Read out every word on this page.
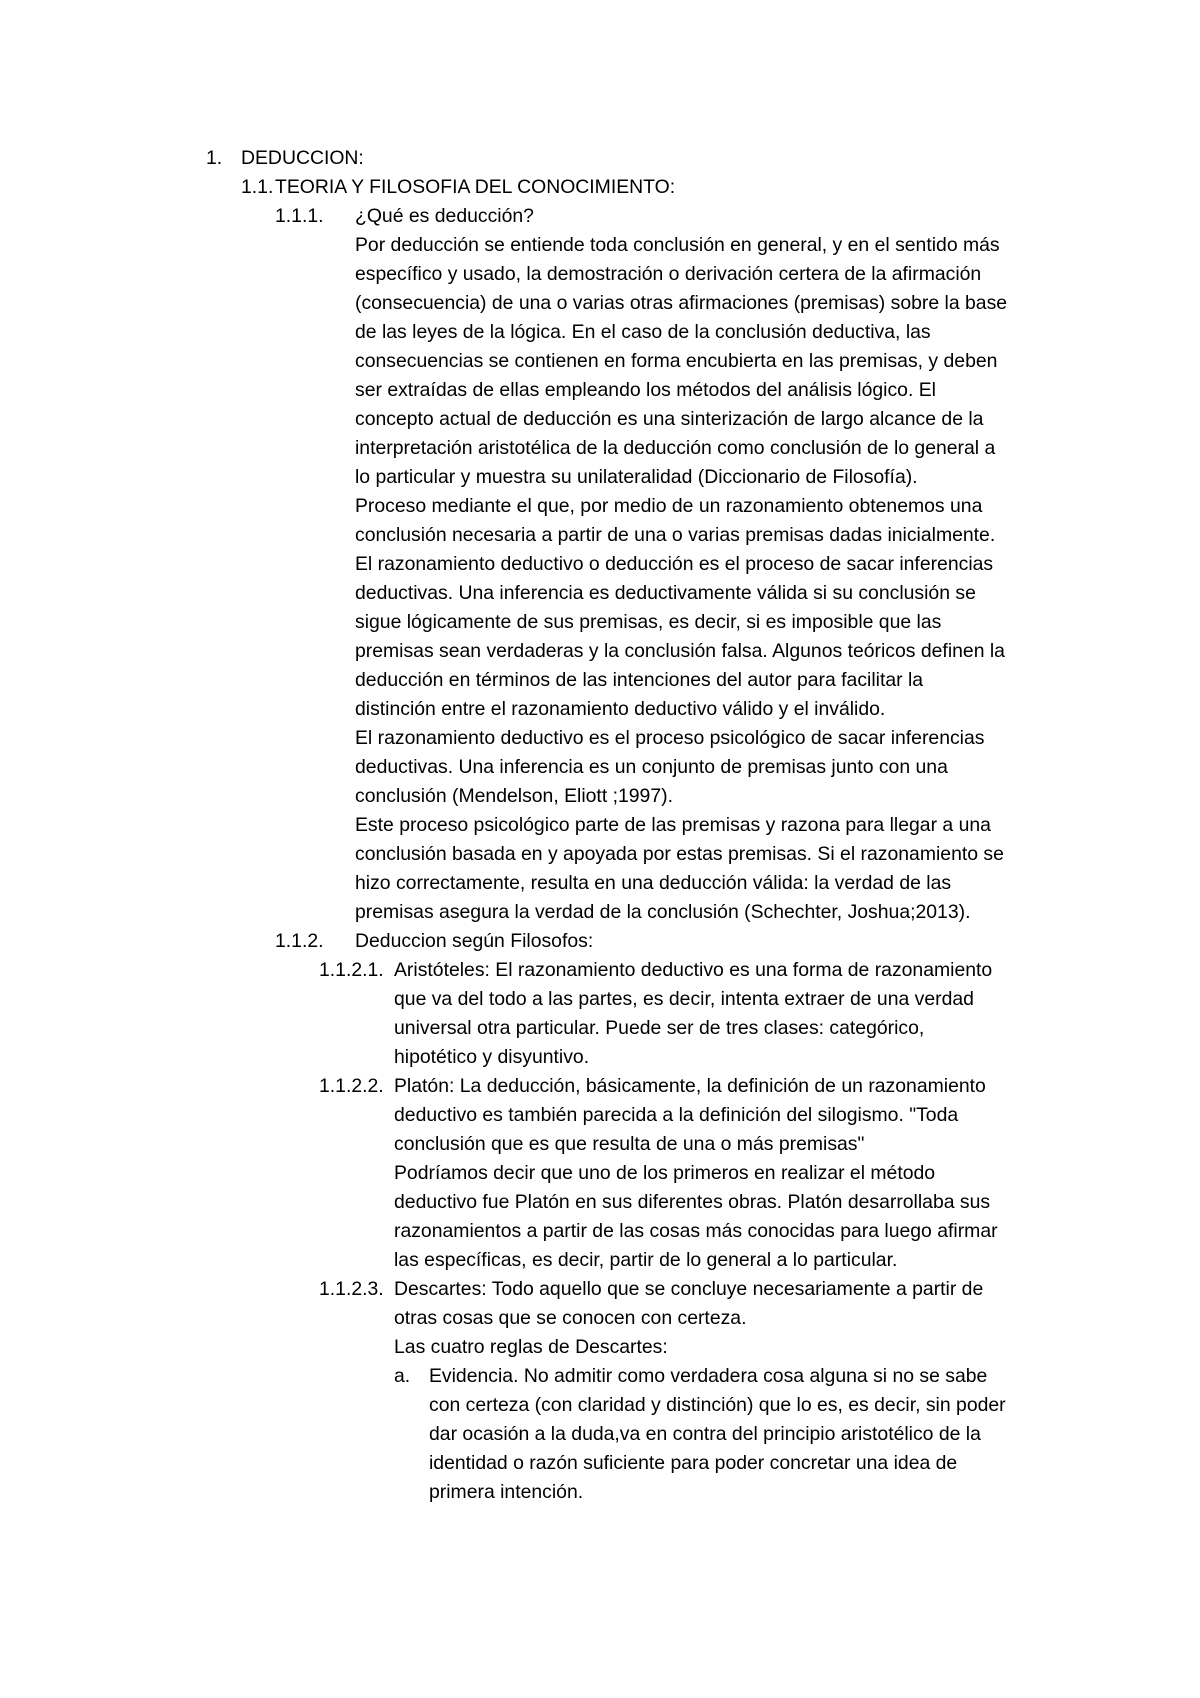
1. DEDUCCION:
1.1. TEORIA Y FILOSOFIA DEL CONOCIMIENTO:
1.1.1. ¿Qué es deducción?
Por deducción se entiende toda conclusión en general, y en el sentido más
específico y usado, la demostración o derivación certera de la afirmación
(consecuencia) de una o varias otras afirmaciones (premisas) sobre la base
de las leyes de la lógica. En el caso de la conclusión deductiva, las
consecuencias se contienen en forma encubierta en las premisas, y deben
ser extraídas de ellas empleando los métodos del análisis lógico. El
concepto actual de deducción es una sinterización de largo alcance de la
interpretación aristotélica de la deducción como conclusión de lo general a
lo particular y muestra su unilateralidad (Diccionario de Filosofía).
Proceso mediante el que, por medio de un razonamiento obtenemos una
conclusión necesaria a partir de una o varias premisas dadas inicialmente.
El razonamiento deductivo o deducción es el proceso de sacar inferencias
deductivas. Una inferencia es deductivamente válida si su conclusión se
sigue lógicamente de sus premisas, es decir, si es imposible que las
premisas sean verdaderas y la conclusión falsa. Algunos teóricos definen la
deducción en términos de las intenciones del autor para facilitar la
distinción entre el razonamiento deductivo válido y el inválido.
El razonamiento deductivo es el proceso psicológico de sacar inferencias
deductivas. Una inferencia es un conjunto de premisas junto con una
conclusión (Mendelson, Eliott ;1997).
Este proceso psicológico parte de las premisas y razona para llegar a una
conclusión basada en y apoyada por estas premisas. Si el razonamiento se
hizo correctamente, resulta en una deducción válida: la verdad de las
premisas asegura la verdad de la conclusión (Schechter, Joshua;2013).
1.1.2. Deduccion según Filosofos:
1.1.2.1. Aristóteles: El razonamiento deductivo es una forma de razonamiento
que va del todo a las partes, es decir, intenta extraer de una verdad
universal otra particular. Puede ser de tres clases: categórico,
hipotético y disyuntivo.
1.1.2.2. Platón: La deducción, básicamente, la definición de un razonamiento
deductivo es también parecida a la definición del silogismo. "Toda
conclusión que es que resulta de una o más premisas"
Podríamos decir que uno de los primeros en realizar el método
deductivo fue Platón en sus diferentes obras. Platón desarrollaba sus
razonamientos a partir de las cosas más conocidas para luego afirmar
las específicas, es decir, partir de lo general a lo particular.
1.1.2.3. Descartes: Todo aquello que se concluye necesariamente a partir de
otras cosas que se conocen con certeza.
Las cuatro reglas de Descartes:
a. Evidencia. No admitir como verdadera cosa alguna si no se sabe
con certeza (con claridad y distinción) que lo es, es decir, sin poder
dar ocasión a la duda,va en contra del principio aristotélico de la
identidad o razón suficiente para poder concretar una idea de
primera intención.
